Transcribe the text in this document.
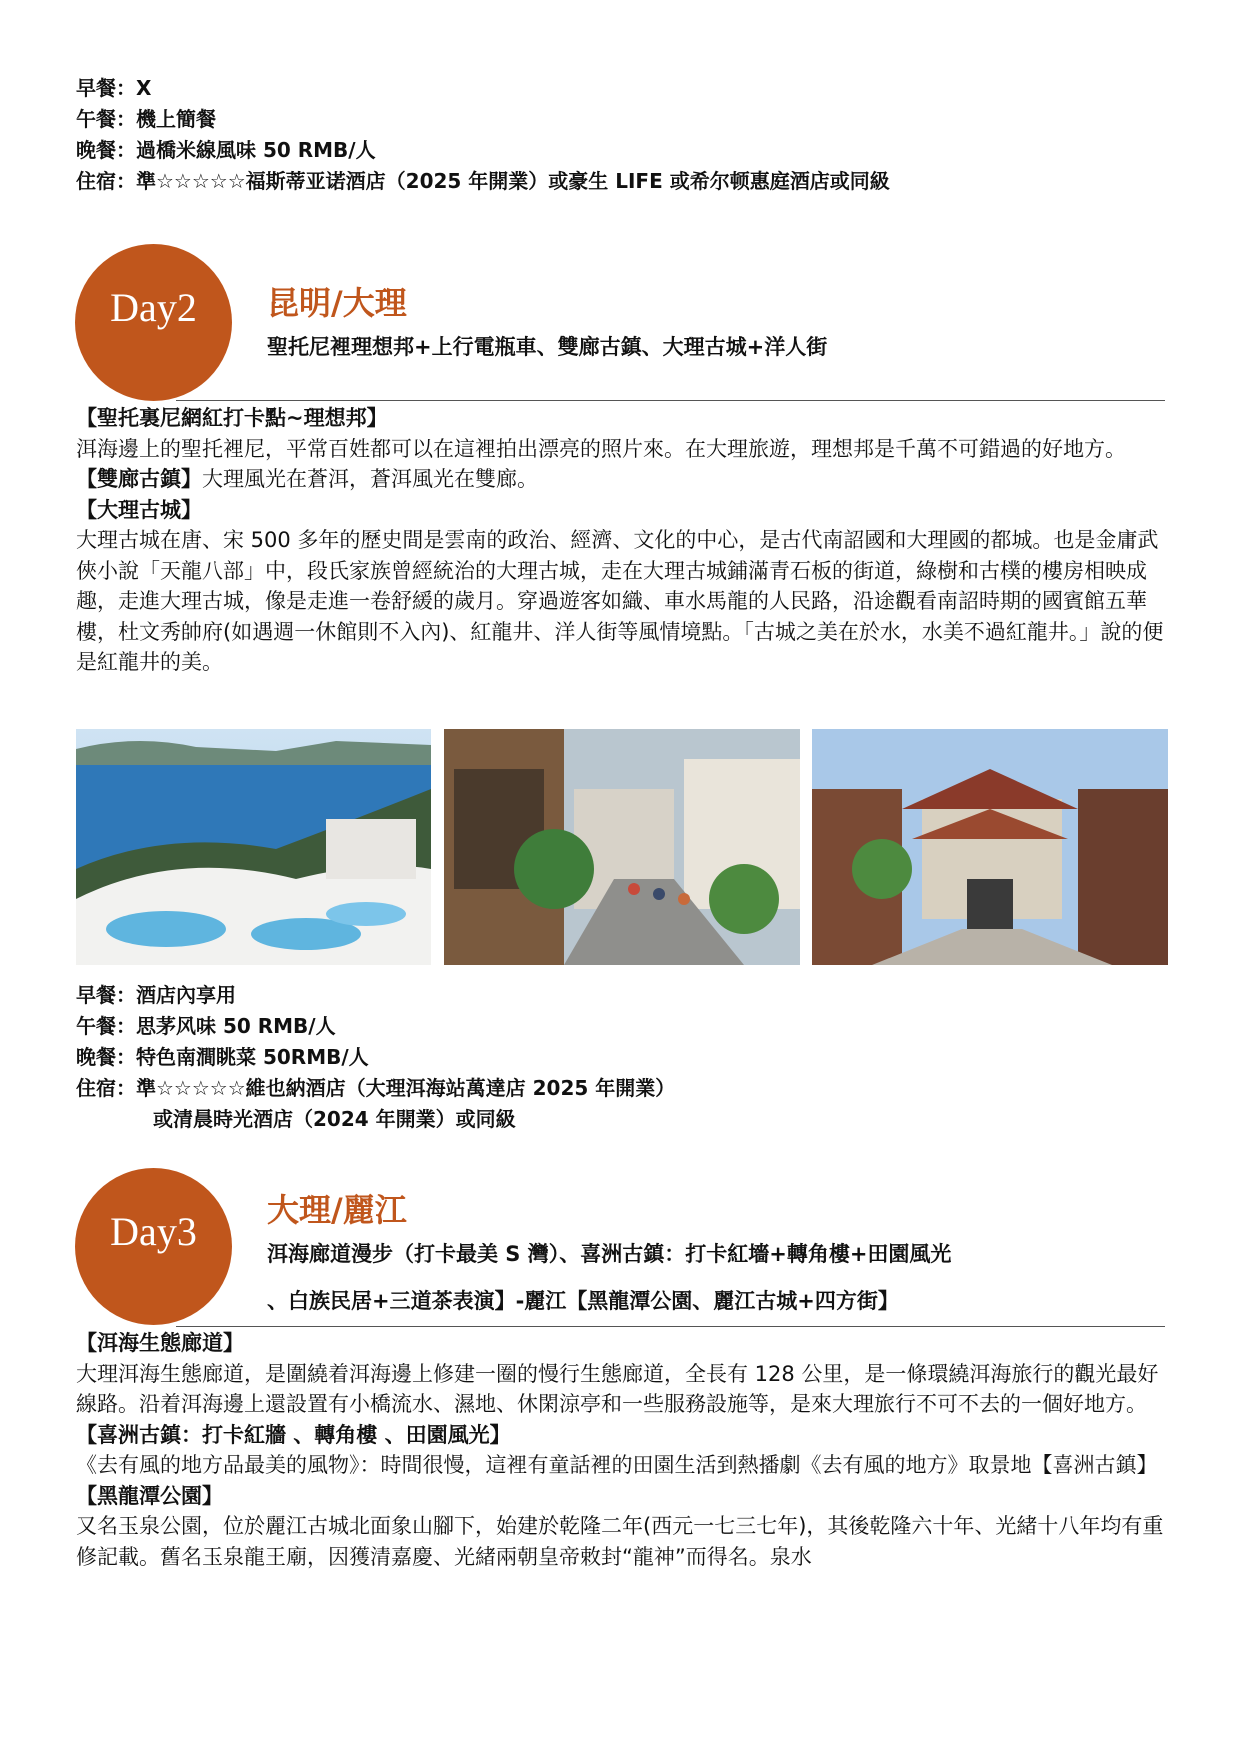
早餐：X
午餐：機上簡餐
晚餐：過橋米線風味 50 RMB/人
住宿：準☆☆☆☆☆福斯蒂亚诺酒店（2025 年開業）或豪生 LIFE 或希尔顿惠庭酒店或同級
Day2	昆明/大理
聖托尼裡理想邦+上行電瓶車、雙廊古鎮、大理古城+洋人街

【聖托裏尼網紅打卡點~理想邦】

洱海邊上的聖托裡尼，平常百姓都可以在這裡拍出漂亮的照片來。在大理旅遊，理想邦是千萬不可錯過的好地方。

【雙廊古鎮】大理風光在蒼洱，蒼洱風光在雙廊。

【大理古城】

大理古城在唐、宋 500 多年的歷史間是雲南的政治、經濟、文化的中心，是古代南詔國和大理國的都城。也是金庸武俠小說「天龍八部」中，段氏家族曾經統治的大理古城，走在大理古城鋪滿青石板的街道，綠樹和古樸的樓房相映成趣，走進大理古城，像是走進一卷舒緩的歲月。穿過遊客如織、車水馬龍的人民路，沿途觀看南詔時期的國賓館五華樓，杜文秀帥府(如遇週一休館則不入內)、紅龍井、洋人街等風情境點。「古城之美在於水，水美不過紅龍井。」說的便是紅龍井的美。

早餐：酒店內享用
午餐：思茅风味 50 RMB/人
晚餐：特色南澗眺菜 50RMB/人
住宿：準☆☆☆☆☆維也納酒店（大理洱海站萬達店 2025 年開業）
或清晨時光酒店（2024 年開業）或同級
Day3	大理/麗江
洱海廊道漫步（打卡最美 S 灣）、喜洲古鎮：打卡紅墻+轉角樓+田園風光
、白族民居+三道茶表演】-麗江【黑龍潭公園、麗江古城+四方街】

【洱海生態廊道】

大理洱海生態廊道，是圍繞着洱海邊上修建一圈的慢行生態廊道，全長有 128 公里，是一條環繞洱海旅行的觀光最好線路。沿着洱海邊上還設置有小橋流水、濕地、休閑涼亭和一些服務設施等，是來大理旅行不可不去的一個好地方。

【喜洲古鎮：打卡紅牆 、轉角樓 、田園風光】

《去有風的地方品最美的風物》：時間很慢，這裡有童話裡的田園生活到熱播劇《去有風的地方》取景地【喜洲古鎮】

【黑龍潭公園】

又名玉泉公園，位於麗江古城北面象山腳下，始建於乾隆二年(西元一七三七年)，其後乾隆六十年、光緒十八年均有重修記載。舊名玉泉龍王廟，因獲清嘉慶、光緒兩朝皇帝敕封“龍神”而得名。泉水
